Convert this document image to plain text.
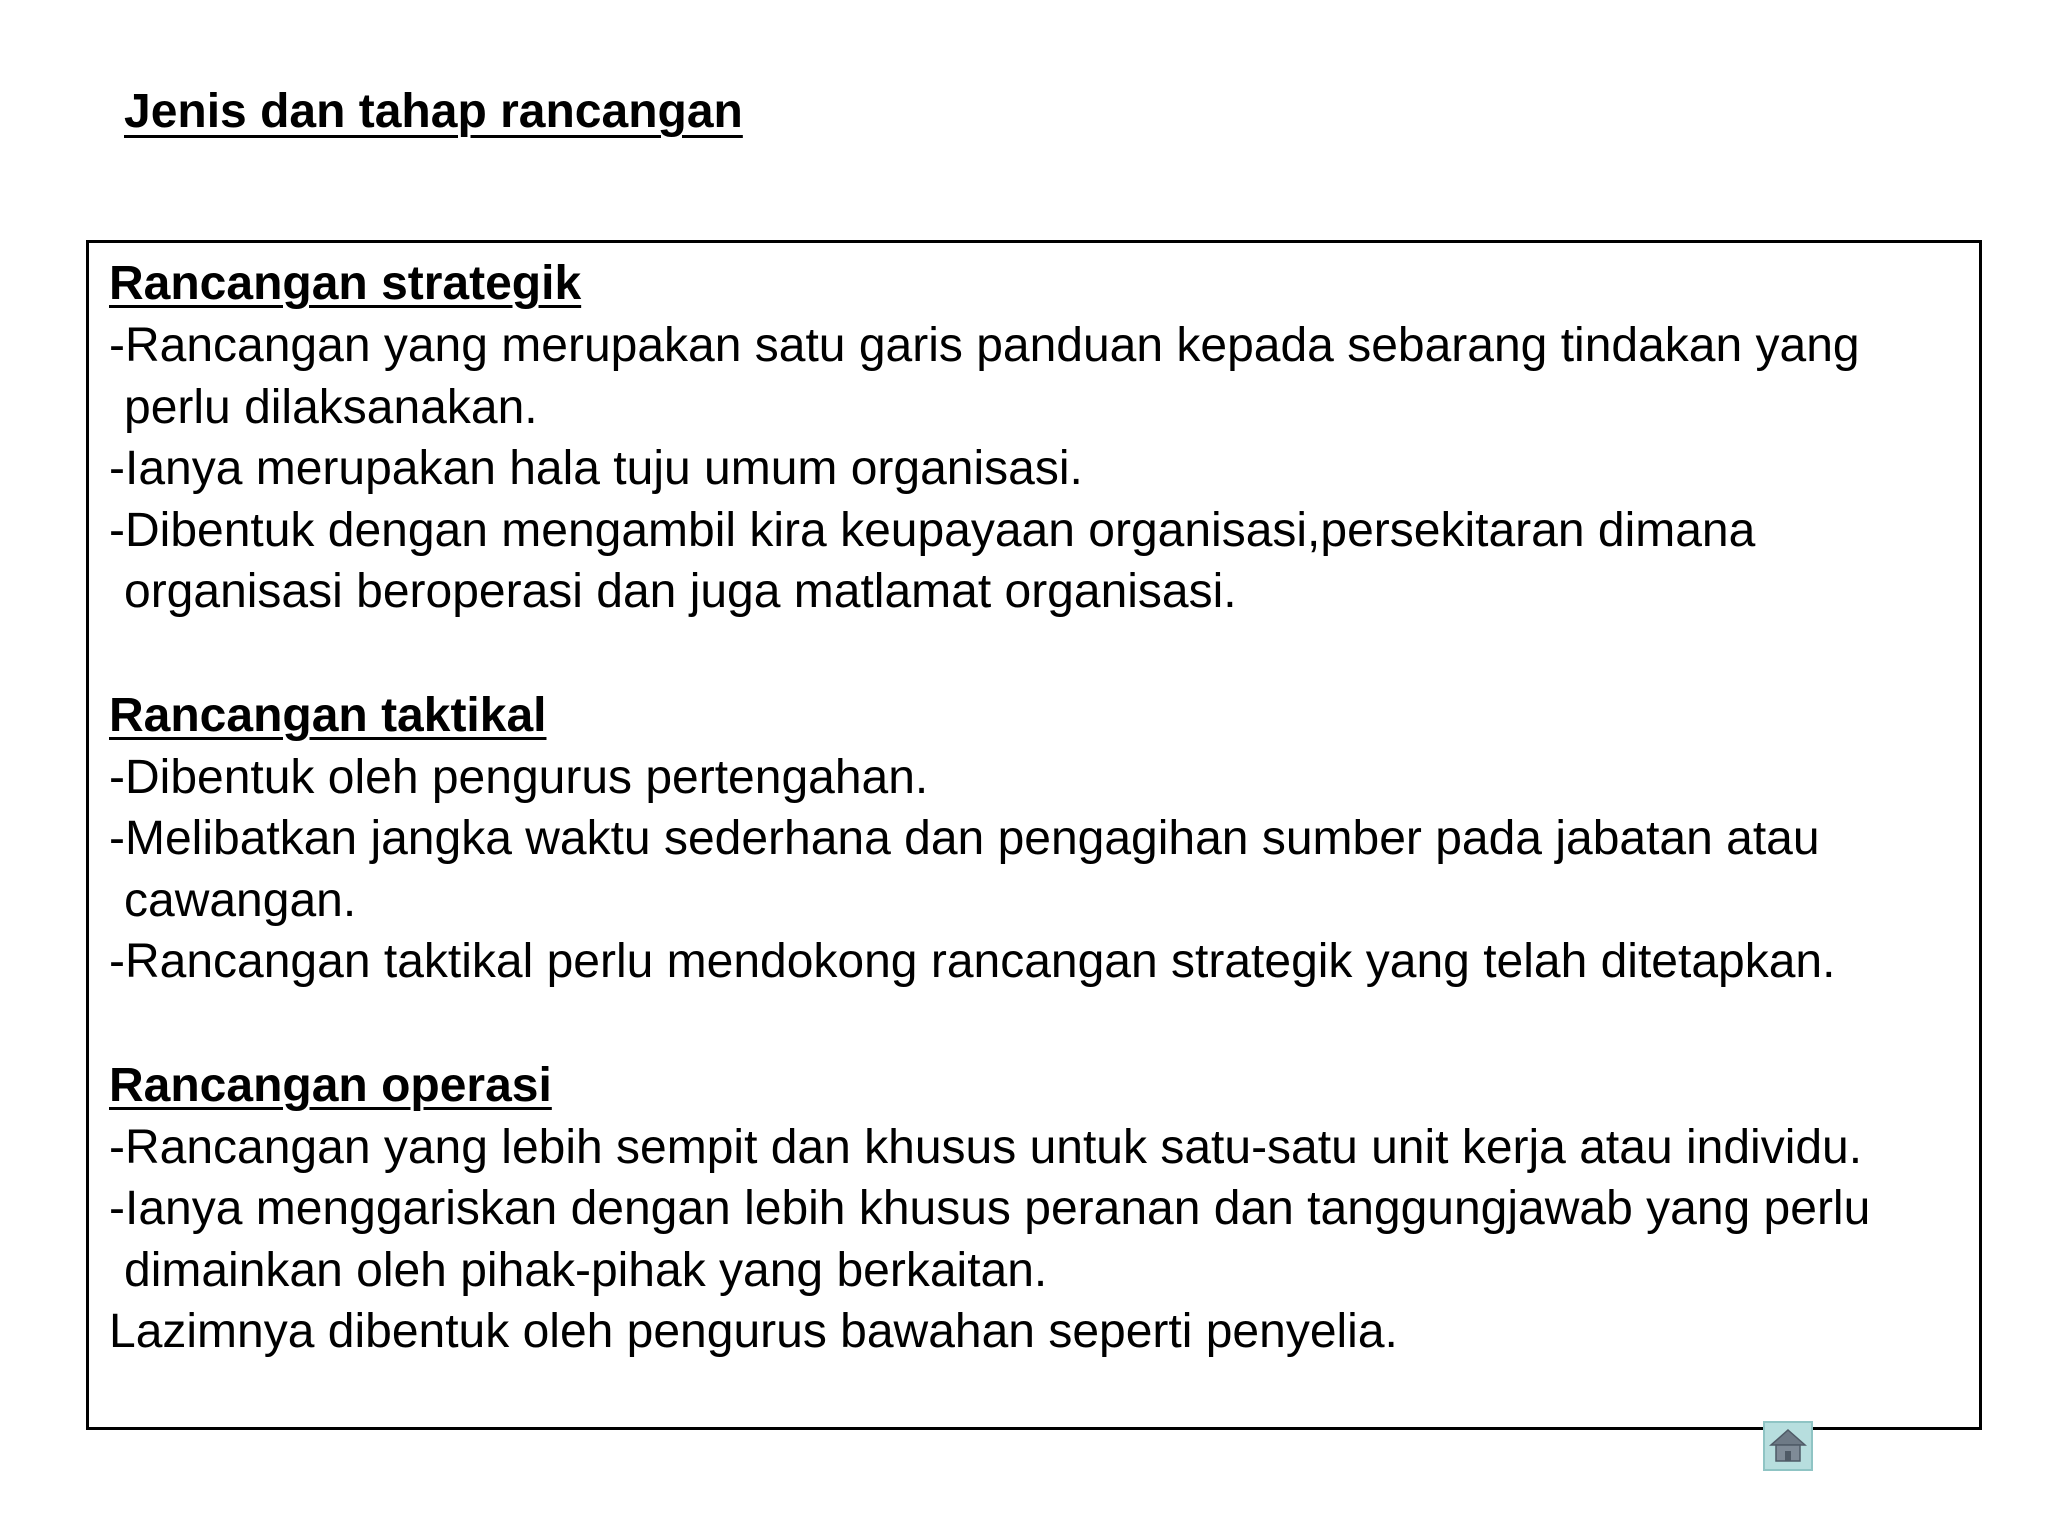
Jenis dan tahap rancangan

Rancangan strategik

-Rancangan yang merupakan satu garis panduan kepada sebarang tindakan yang perlu dilaksanakan.

-Ianya merupakan hala tuju umum organisasi.

-Dibentuk dengan mengambil kira keupayaan organisasi,persekitaran dimana organisasi beroperasi dan juga matlamat organisasi.

Rancangan taktikal

-Dibentuk oleh pengurus pertengahan.

-Melibatkan jangka waktu sederhana dan pengagihan sumber pada jabatan atau cawangan.

-Rancangan taktikal perlu mendokong rancangan strategik yang telah ditetapkan.

Rancangan operasi

-Rancangan yang lebih sempit dan khusus untuk satu-satu unit kerja atau individu.

-Ianya menggariskan dengan lebih khusus peranan dan tanggungjawab yang perlu dimainkan oleh pihak-pihak yang berkaitan.

Lazimnya dibentuk oleh pengurus bawahan seperti penyelia.
